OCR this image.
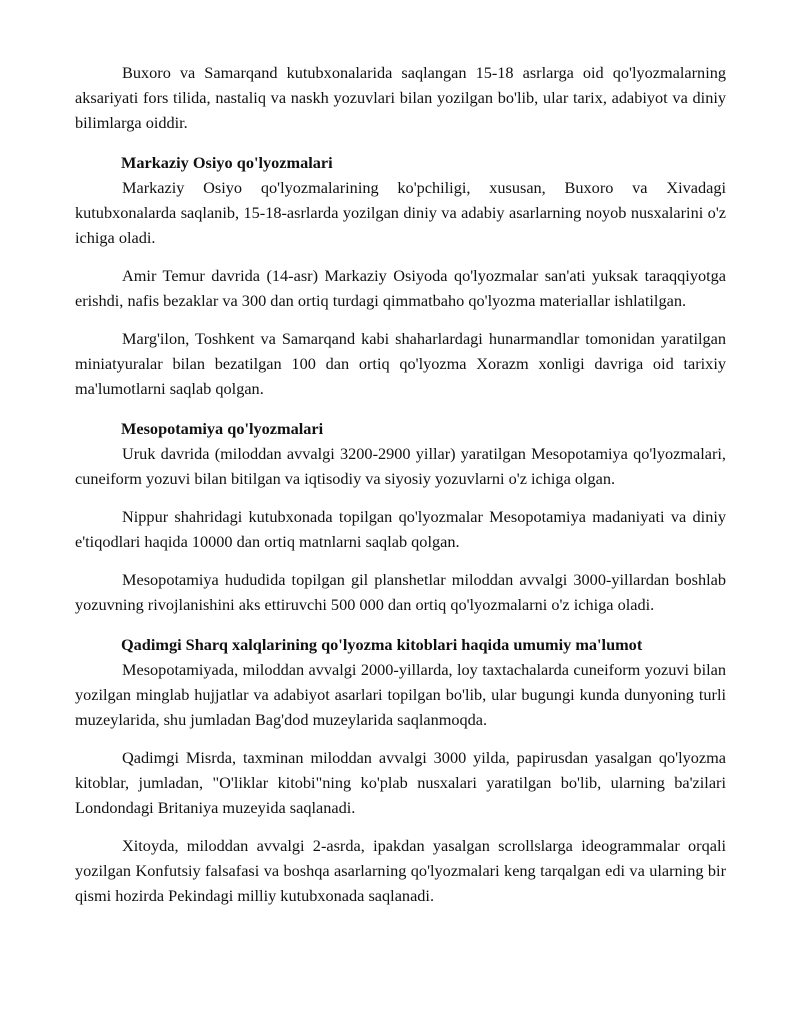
Buxoro va Samarqand kutubxonalarida saqlangan 15-18 asrlarga oid qo'lyozmalarning aksariyati fors tilida, nastaliq va naskh yozuvlari bilan yozilgan bo'lib, ular tarix, adabiyot va diniy bilimlarga oiddir.

Markaziy Osiyo qo'lyozmalari

Markaziy Osiyo qo'lyozmalarining ko'pchiligi, xususan, Buxoro va Xivadagi kutubxonalarda saqlanib, 15-18-asrlarda yozilgan diniy va adabiy asarlarning noyob nusxalarini o'z ichiga oladi.

Amir Temur davrida (14-asr) Markaziy Osiyoda qo'lyozmalar san'ati yuksak taraqqiyotga erishdi, nafis bezaklar va 300 dan ortiq turdagi qimmatbaho qo'lyozma materiallar ishlatilgan.

Marg'ilon, Toshkent va Samarqand kabi shaharlardagi hunarmandlar tomonidan yaratilgan miniatyuralar bilan bezatilgan 100 dan ortiq qo'lyozma Xorazm xonligi davriga oid tarixiy ma'lumotlarni saqlab qolgan.

Mesopotamiya qo'lyozmalari

Uruk davrida (miloddan avvalgi 3200-2900 yillar) yaratilgan Mesopotamiya qo'lyozmalari, cuneiform yozuvi bilan bitilgan va iqtisodiy va siyosiy yozuvlarni o'z ichiga olgan.

Nippur shahridagi kutubxonada topilgan qo'lyozmalar Mesopotamiya madaniyati va diniy e'tiqodlari haqida 10000 dan ortiq matnlarni saqlab qolgan.

Mesopotamiya hududida topilgan gil planshetlar miloddan avvalgi 3000-yillardan boshlab yozuvning rivojlanishini aks ettiruvchi 500 000 dan ortiq qo'lyozmalarni o'z ichiga oladi.

Qadimgi Sharq xalqlarining qo'lyozma kitoblari haqida umumiy ma'lumot

Mesopotamiyada, miloddan avvalgi 2000-yillarda, loy taxtachalarda cuneiform yozuvi bilan yozilgan minglab hujjatlar va adabiyot asarlari topilgan bo'lib, ular bugungi kunda dunyoning turli muzeylarida, shu jumladan Bag'dod muzeylarida saqlanmoqda.

Qadimgi Misrda, taxminan miloddan avvalgi 3000 yilda, papirusdan yasalgan qo'lyozma kitoblar, jumladan, "O'liklar kitobi"ning ko'plab nusxalari yaratilgan bo'lib, ularning ba'zilari Londondagi Britaniya muzeyida saqlanadi.

Xitoyda, miloddan avvalgi 2-asrda, ipakdan yasalgan scrollslarga ideogrammalar orqali yozilgan Konfutsiy falsafasi va boshqa asarlarning qo'lyozmalari keng tarqalgan edi va ularning bir qismi hozirda Pekindagi milliy kutubxonada saqlanadi.
